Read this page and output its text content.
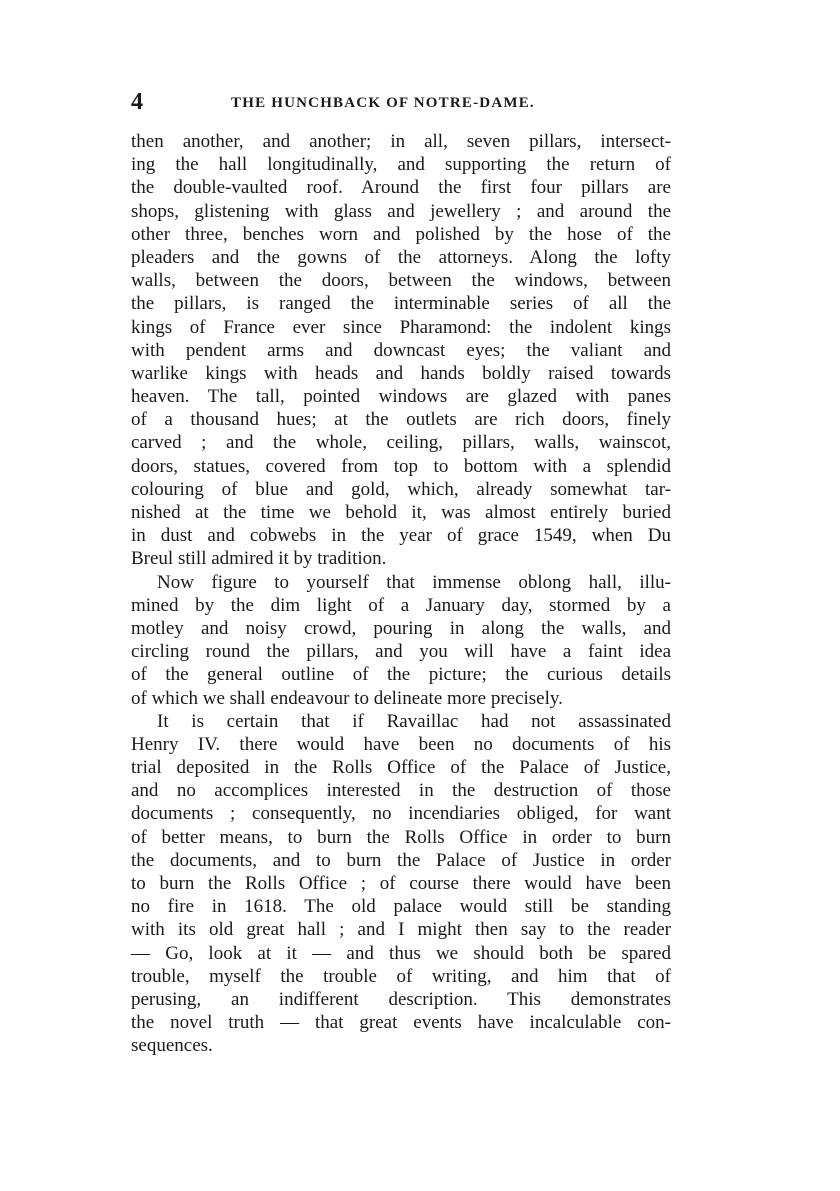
4	THE HUNCHBACK OF NOTRE-DAME.
then another, and another; in all, seven pillars, intersect-
ing the hall longitudinally, and supporting the return of
the double-vaulted roof. Around the first four pillars are
shops, glistening with glass and jewellery ; and around the
other three, benches worn and polished by the hose of the
pleaders and the gowns of the attorneys. Along the lofty
walls, between the doors, between the windows, between
the pillars, is ranged the interminable series of all the
kings of France ever since Pharamond: the indolent kings
with pendent arms and downcast eyes; the valiant and
warlike kings with heads and hands boldly raised towards
heaven. The tall, pointed windows are glazed with panes
of a thousand hues; at the outlets are rich doors, finely
carved ; and the whole, ceiling, pillars, walls, wainscot,
doors, statues, covered from top to bottom with a splendid
colouring of blue and gold, which, already somewhat tar-
nished at the time we behold it, was almost entirely buried
in dust and cobwebs in the year of grace 1549, when Du
Breul still admired it by tradition.
Now figure to yourself that immense oblong hall, illu-
mined by the dim light of a January day, stormed by a
motley and noisy crowd, pouring in along the walls, and
circling round the pillars, and you will have a faint idea
of the general outline of the picture; the curious details
of which we shall endeavour to delineate more precisely.
It is certain that if Ravaillac had not assassinated
Henry IV. there would have been no documents of his
trial deposited in the Rolls Office of the Palace of Justice,
and no accomplices interested in the destruction of those
documents ; consequently, no incendiaries obliged, for want
of better means, to burn the Rolls Office in order to burn
the documents, and to burn the Palace of Justice in order
to burn the Rolls Office ; of course there would have been
no fire in 1618. The old palace would still be standing
with its old great hall ; and I might then say to the reader
— Go, look at it — and thus we should both be spared
trouble, myself the trouble of writing, and him that of
perusing, an indifferent description. This demonstrates
the novel truth — that great events have incalculable con-
sequences.
